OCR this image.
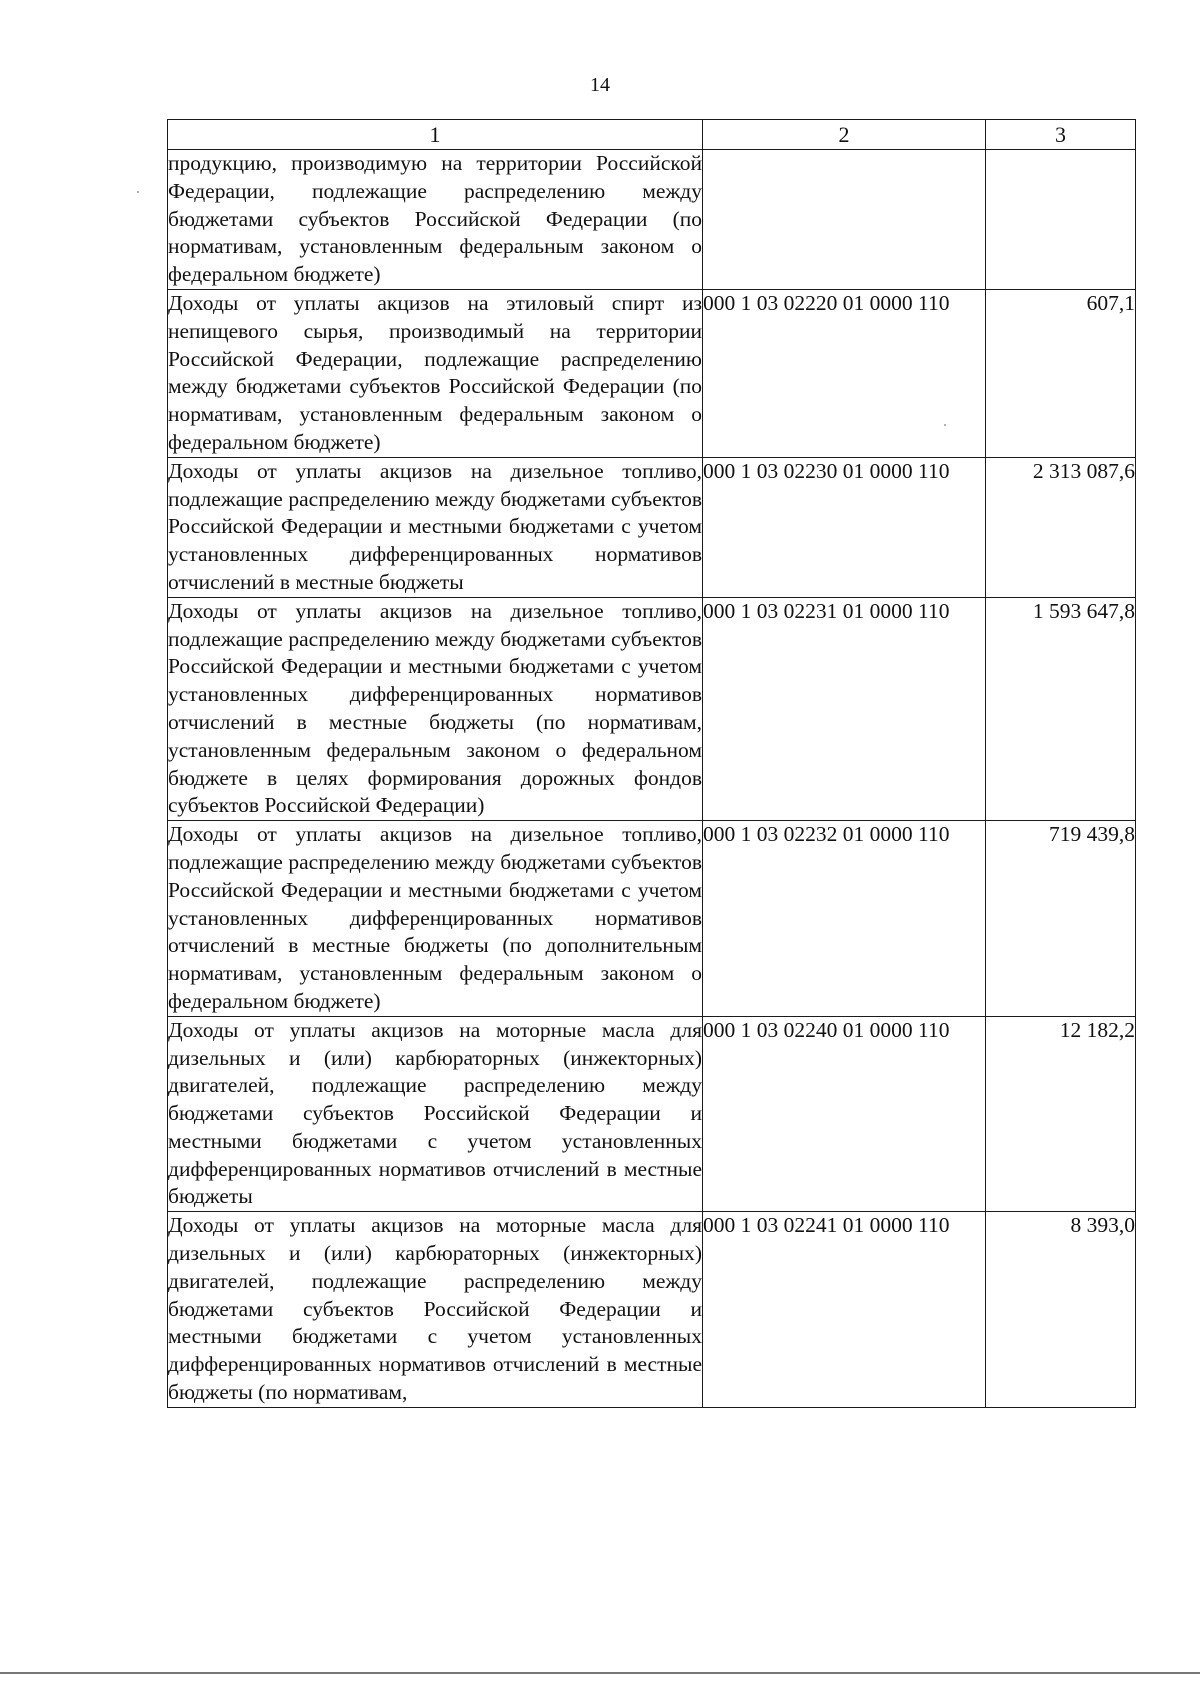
14
1	2	3
продукцию, производимую на территории Российской Федерации, подлежащие распределению между бюджетами субъектов Российской Федерации (по нормативам, установленным федеральным законом о федеральном бюджете)		
Доходы от уплаты акцизов на этиловый спирт из непищевого сырья, производимый на территории Российской Федерации, подлежащие распределению между бюджетами субъектов Российской Федерации (по нормативам, установленным федеральным законом о федеральном бюджете)	000 1 03 02220 01 0000 110	607,1
Доходы от уплаты акцизов на дизельное топливо, подлежащие распределению между бюджетами субъектов Российской Федерации и местными бюджетами с учетом установленных дифференцированных нормативов отчислений в местные бюджеты	000 1 03 02230 01 0000 110	2 313 087,6
Доходы от уплаты акцизов на дизельное топливо, подлежащие распределению между бюджетами субъектов Российской Федерации и местными бюджетами с учетом установленных дифференцированных нормативов отчислений в местные бюджеты (по нормативам, установленным федеральным законом о федеральном бюджете в целях формирования дорожных фондов субъектов Российской Федерации)	000 1 03 02231 01 0000 110	1 593 647,8
Доходы от уплаты акцизов на дизельное топливо, подлежащие распределению между бюджетами субъектов Российской Федерации и местными бюджетами с учетом установленных дифференцированных нормативов отчислений в местные бюджеты (по дополнительным нормативам, установленным федеральным законом о федеральном бюджете)	000 1 03 02232 01 0000 110	719 439,8
Доходы от уплаты акцизов на моторные масла для дизельных и (или) карбюраторных (инжекторных) двигателей, подлежащие распределению между бюджетами субъектов Российской Федерации и местными бюджетами с учетом установленных дифференцированных нормативов отчислений в местные бюджеты	000 1 03 02240 01 0000 110	12 182,2
Доходы от уплаты акцизов на моторные масла для дизельных и (или) карбюраторных (инжекторных) двигателей, подлежащие распределению между бюджетами субъектов Российской Федерации и местными бюджетами с учетом установленных дифференцированных нормативов отчислений в местные бюджеты (по нормативам,	000 1 03 02241 01 0000 110	8 393,0
